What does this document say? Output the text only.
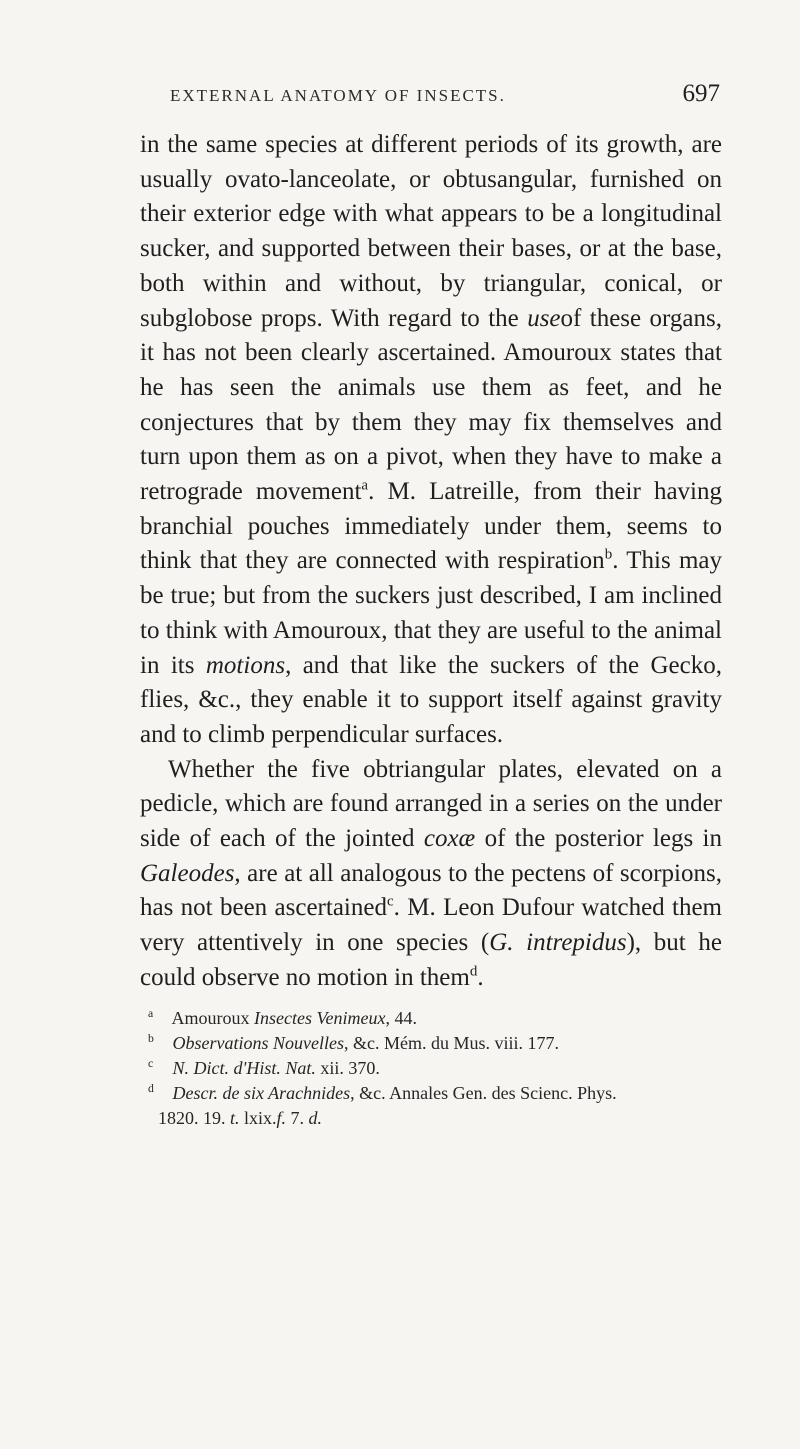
EXTERNAL ANATOMY OF INSECTS.	697

in the same species at different periods of its growth, are usually ovato-lanceolate, or obtusangular, furnished on their exterior edge with what appears to be a longitudinal sucker, and supported between their bases, or at the base, both within and without, by triangular, conical, or subglobose props. With regard to the useof these organs, it has not been clearly ascertained. Amouroux states that he has seen the animals use them as feet, and he conjectures that by them they may fix themselves and turn upon them as on a pivot, when they have to make a retrograde movement$^a$. M. Latreille, from their having branchial pouches immediately under them, seems to think that they are connected with respiration$^b$. This may be true; but from the suckers just described, I am inclined to think with Amouroux, that they are useful to the animal in its motions, and that like the suckers of the Gecko, flies, &c., they enable it to support itself against gravity and to climb perpendicular surfaces.

Whether the five obtriangular plates, elevated on a pedicle, which are found arranged in a series on the under side of each of the jointed coxæ of the posterior legs in Galeodes, are at all analogous to the pectens of scorpions, has not been ascertained$^c$. M. Leon Dufour watched them very attentively in one species (G. intrepidus), but he could observe no motion in them$^d$.

$^a$ Amouroux Insectes Venimeux, 44.

$^b$ Observations Nouvelles, &c. Mém. du Mus. viii. 177.

$^c$ N. Dict. d'Hist. Nat. xii. 370.

$^d$ Descr. de six Arachnides, &c. Annales Gen. des Scienc. Phys.

1820. 19. t. lxix.f. 7. d.
